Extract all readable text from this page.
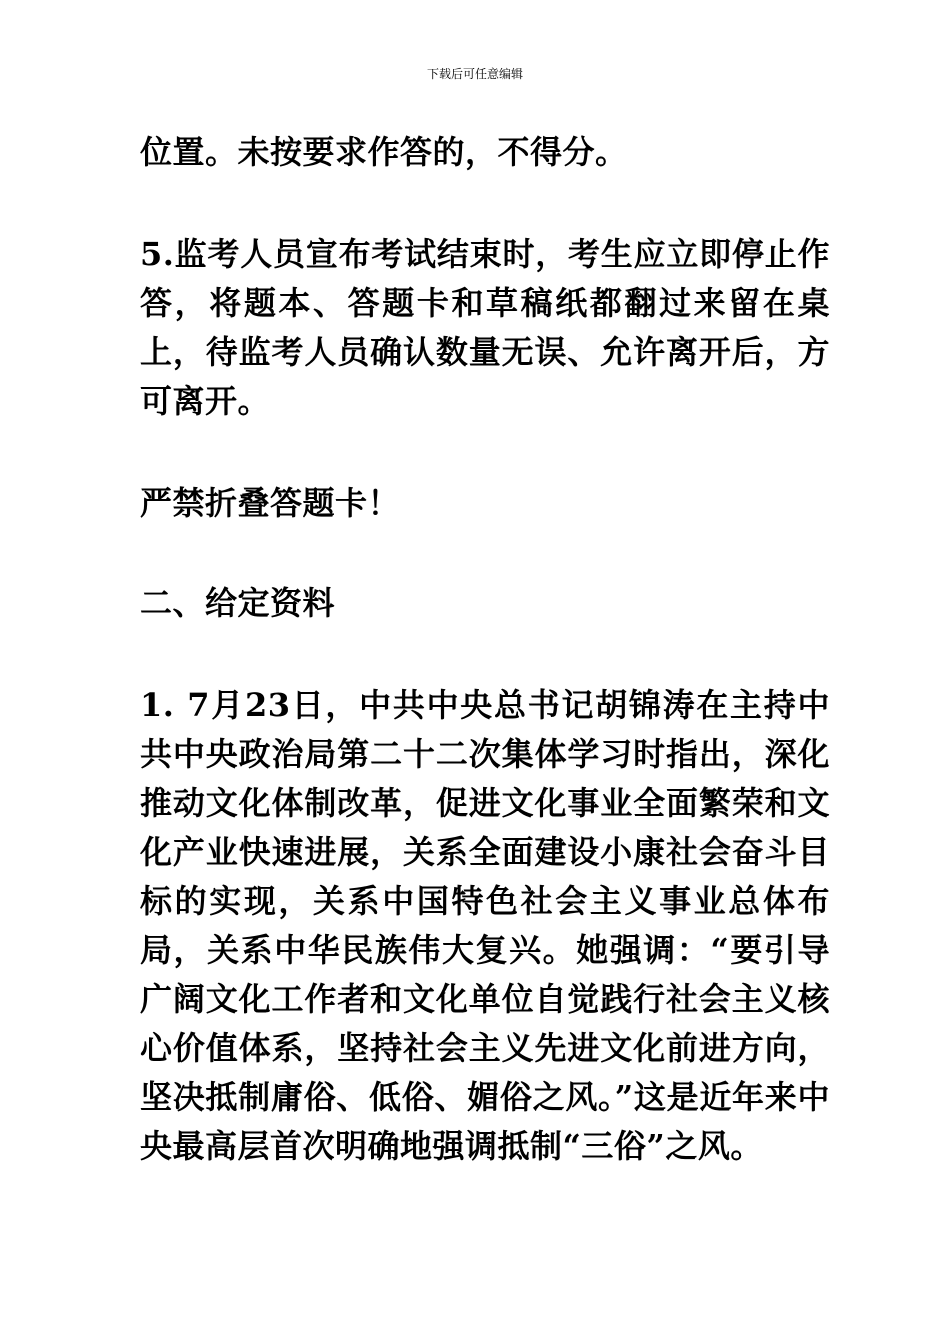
下载后可任意编辑

位置。未按要求作答的，不得分。

5.监考人员宣布考试结束时，考生应立即停止作答，将题本、答题卡和草稿纸都翻过来留在桌上，待监考人员确认数量无误、允许离开后，方可离开。

严禁折叠答题卡！

二、给定资料

1. 7月23日，中共中央总书记胡锦涛在主持中共中央政治局第二十二次集体学习时指出，深化推动文化体制改革，促进文化事业全面繁荣和文化产业快速进展，关系全面建设小康社会奋斗目标的实现，关系中国特色社会主义事业总体布局，关系中华民族伟大复兴。她强调：“要引导广阔文化工作者和文化单位自觉践行社会主义核心价值体系，坚持社会主义先进文化前进方向，坚决抵制庸俗、低俗、媚俗之风。”这是近年来中央最高层首次明确地强调抵制“三俗”之风。
